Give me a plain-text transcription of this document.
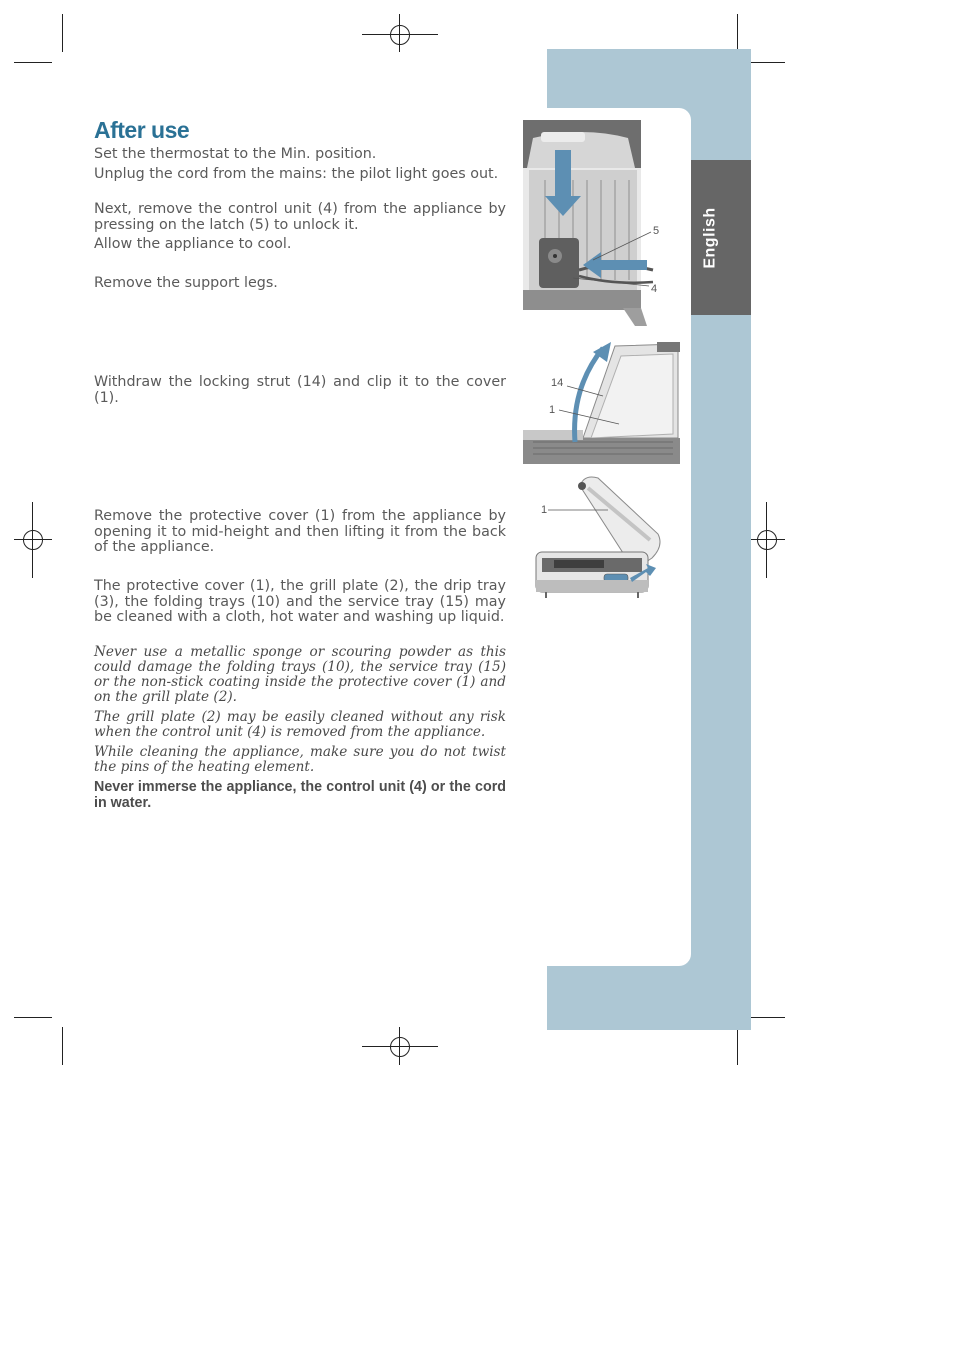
English
After use

Set the thermostat to the Min. position.

Unplug the cord from the mains: the pilot light goes out.

Next, remove the control unit (4) from the appliance by pressing on the latch (5) to unlock it.

Allow the appliance to cool.

Remove the support legs.

Withdraw the locking strut (14) and clip it to the cover (1).

Remove the protective cover (1) from the appliance by opening it to mid-height and then lifting it from the back of the appliance.

The protective cover (1), the grill plate (2), the drip tray (3), the folding trays (10) and the service tray (15) may be cleaned with a cloth, hot water and washing up liquid.

Never use a metallic sponge or scouring powder as this could damage the folding trays (10), the service tray (15) or the non-stick coating inside the protective cover (1) and on the grill plate (2).

The grill plate (2) may be easily cleaned without any risk when the control unit (4) is removed from the appliance.

While cleaning the appliance, make sure you do not twist the pins of the heating element.

Never immerse the appliance, the control unit (4) or the cord in water.

5
4
14
1
1
